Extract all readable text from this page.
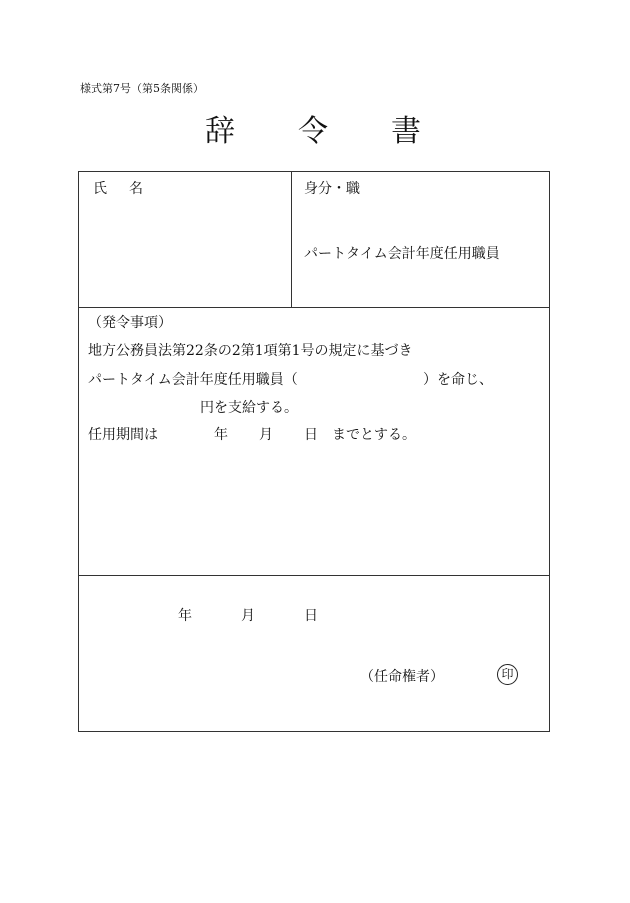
様式第7号（第5条関係）
辞 令 書
氏 名	身分・職
パートタイム会計年度任用職員
（発令事項）
地方公務員法第22条の2第1項第1号の規定に基づき
パートタイム会計年度任用職員（	）を命じ、
円を支給する。
任用期間は	年 月 日 までとする。
年	月	日
（任命権者）	印
